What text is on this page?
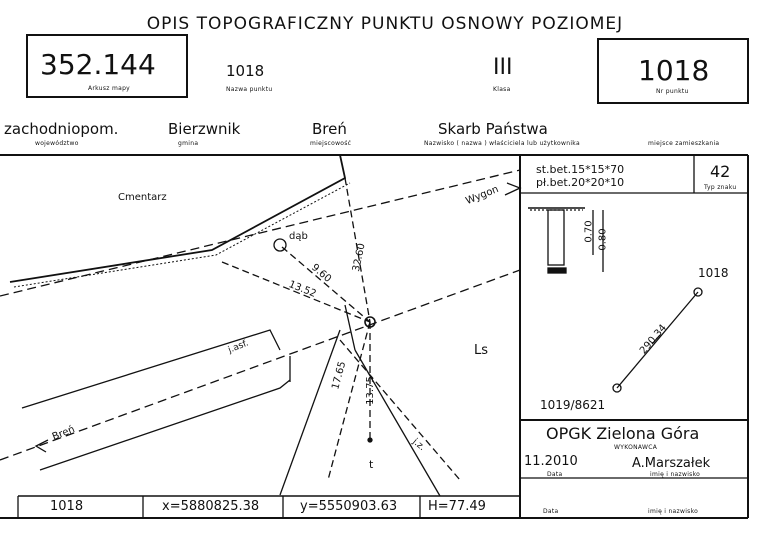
OPIS TOPOGRAFICZNY PUNKTU OSNOWY POZIOMEJ
352.144
Arkusz mapy
1018
Nazwa punktu
III
Klasa
1018
Nr punktu
zachodniopom.	Bierzwnik
województwo	gmina
Breń
miejscowość
Skarb Państwa
Nazwisko ( nazwa ) właściciela lub użytkownika	miejsce zamieszkania
st.bet.15*15*70
pł.bet.20*20*10
42
Typ znaku
0.70 0.80
Cmentarz
dąb
Wygon
Breń
j.asf.
j.z.
Ls
t
32.60
9.60
13.52
17.65 13.75
1018
1019/8621
290.34
OPGK Zielona Góra
WYKONAWCA
11.2010
Data
A.Marszałek
imię i nazwisko
Data	imię i nazwisko
1018	x=5880825.38	y=5550903.63 H=77.49
